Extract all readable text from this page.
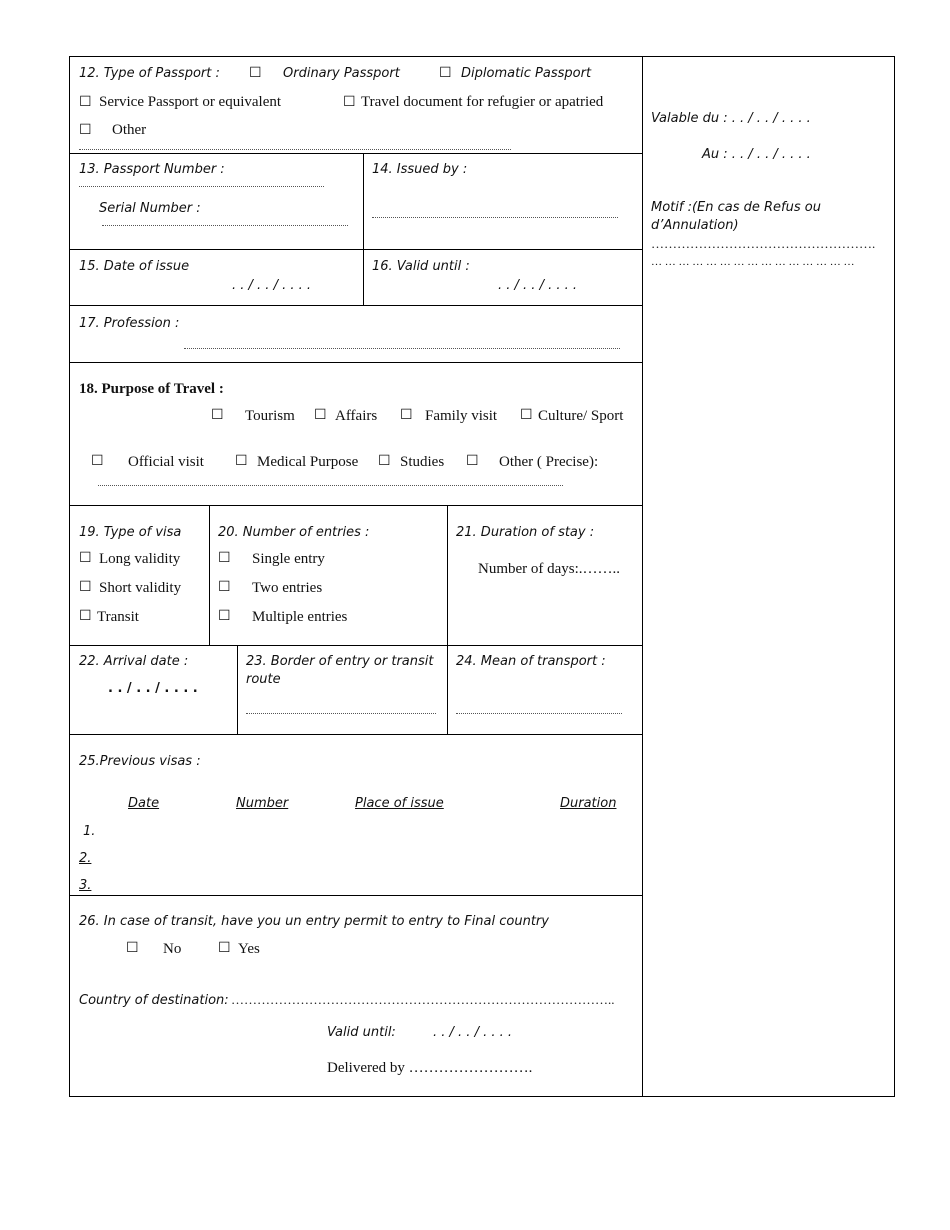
12. Type of Passport : ☐ Ordinary Passport	☐ Diplomatic Passport
☐ Service Passport or equivalent	☐ Travel document for refugier or apatried
☐ Other
13. Passport Number :
Serial Number :
14. Issued by :
15. Date of issue
. . / . . / . . . .
16. Valid until :
. . / . . / . . . .
17. Profession :
18. Purpose of Travel :
☐ Tourism ☐ Affairs ☐ Family visit ☐ Culture/ Sport
☐ Official visit ☐ Medical Purpose ☐ Studies ☐ Other ( Precise):
19. Type of visa
☐ Long validity
☐ Short validity
☐ Transit
20. Number of entries :
☐ Single entry
☐ Two entries
☐ Multiple entries
21. Duration of stay :
Number of days:.……..
22. Arrival date :
. . / . . / . . . .
23. Border of entry or transit
route
24. Mean of transport :
25.Previous visas :
Date	Number	Place of issue	Duration
1.
2.
3.
26. In case of transit, have you un entry permit to entry to Final country
☐ No	☐ Yes
Country of destination: ……………………………………………………………………………..
Valid until:	. . / . . / . . . .
Delivered by …………………….
Valable du : . . / . . / . . . .
Au : . . / . . / . . . .
Motif :(En cas de Refus ou
d’Annulation)
…………………………………………….
… … … … … … … … … … … … … … …
